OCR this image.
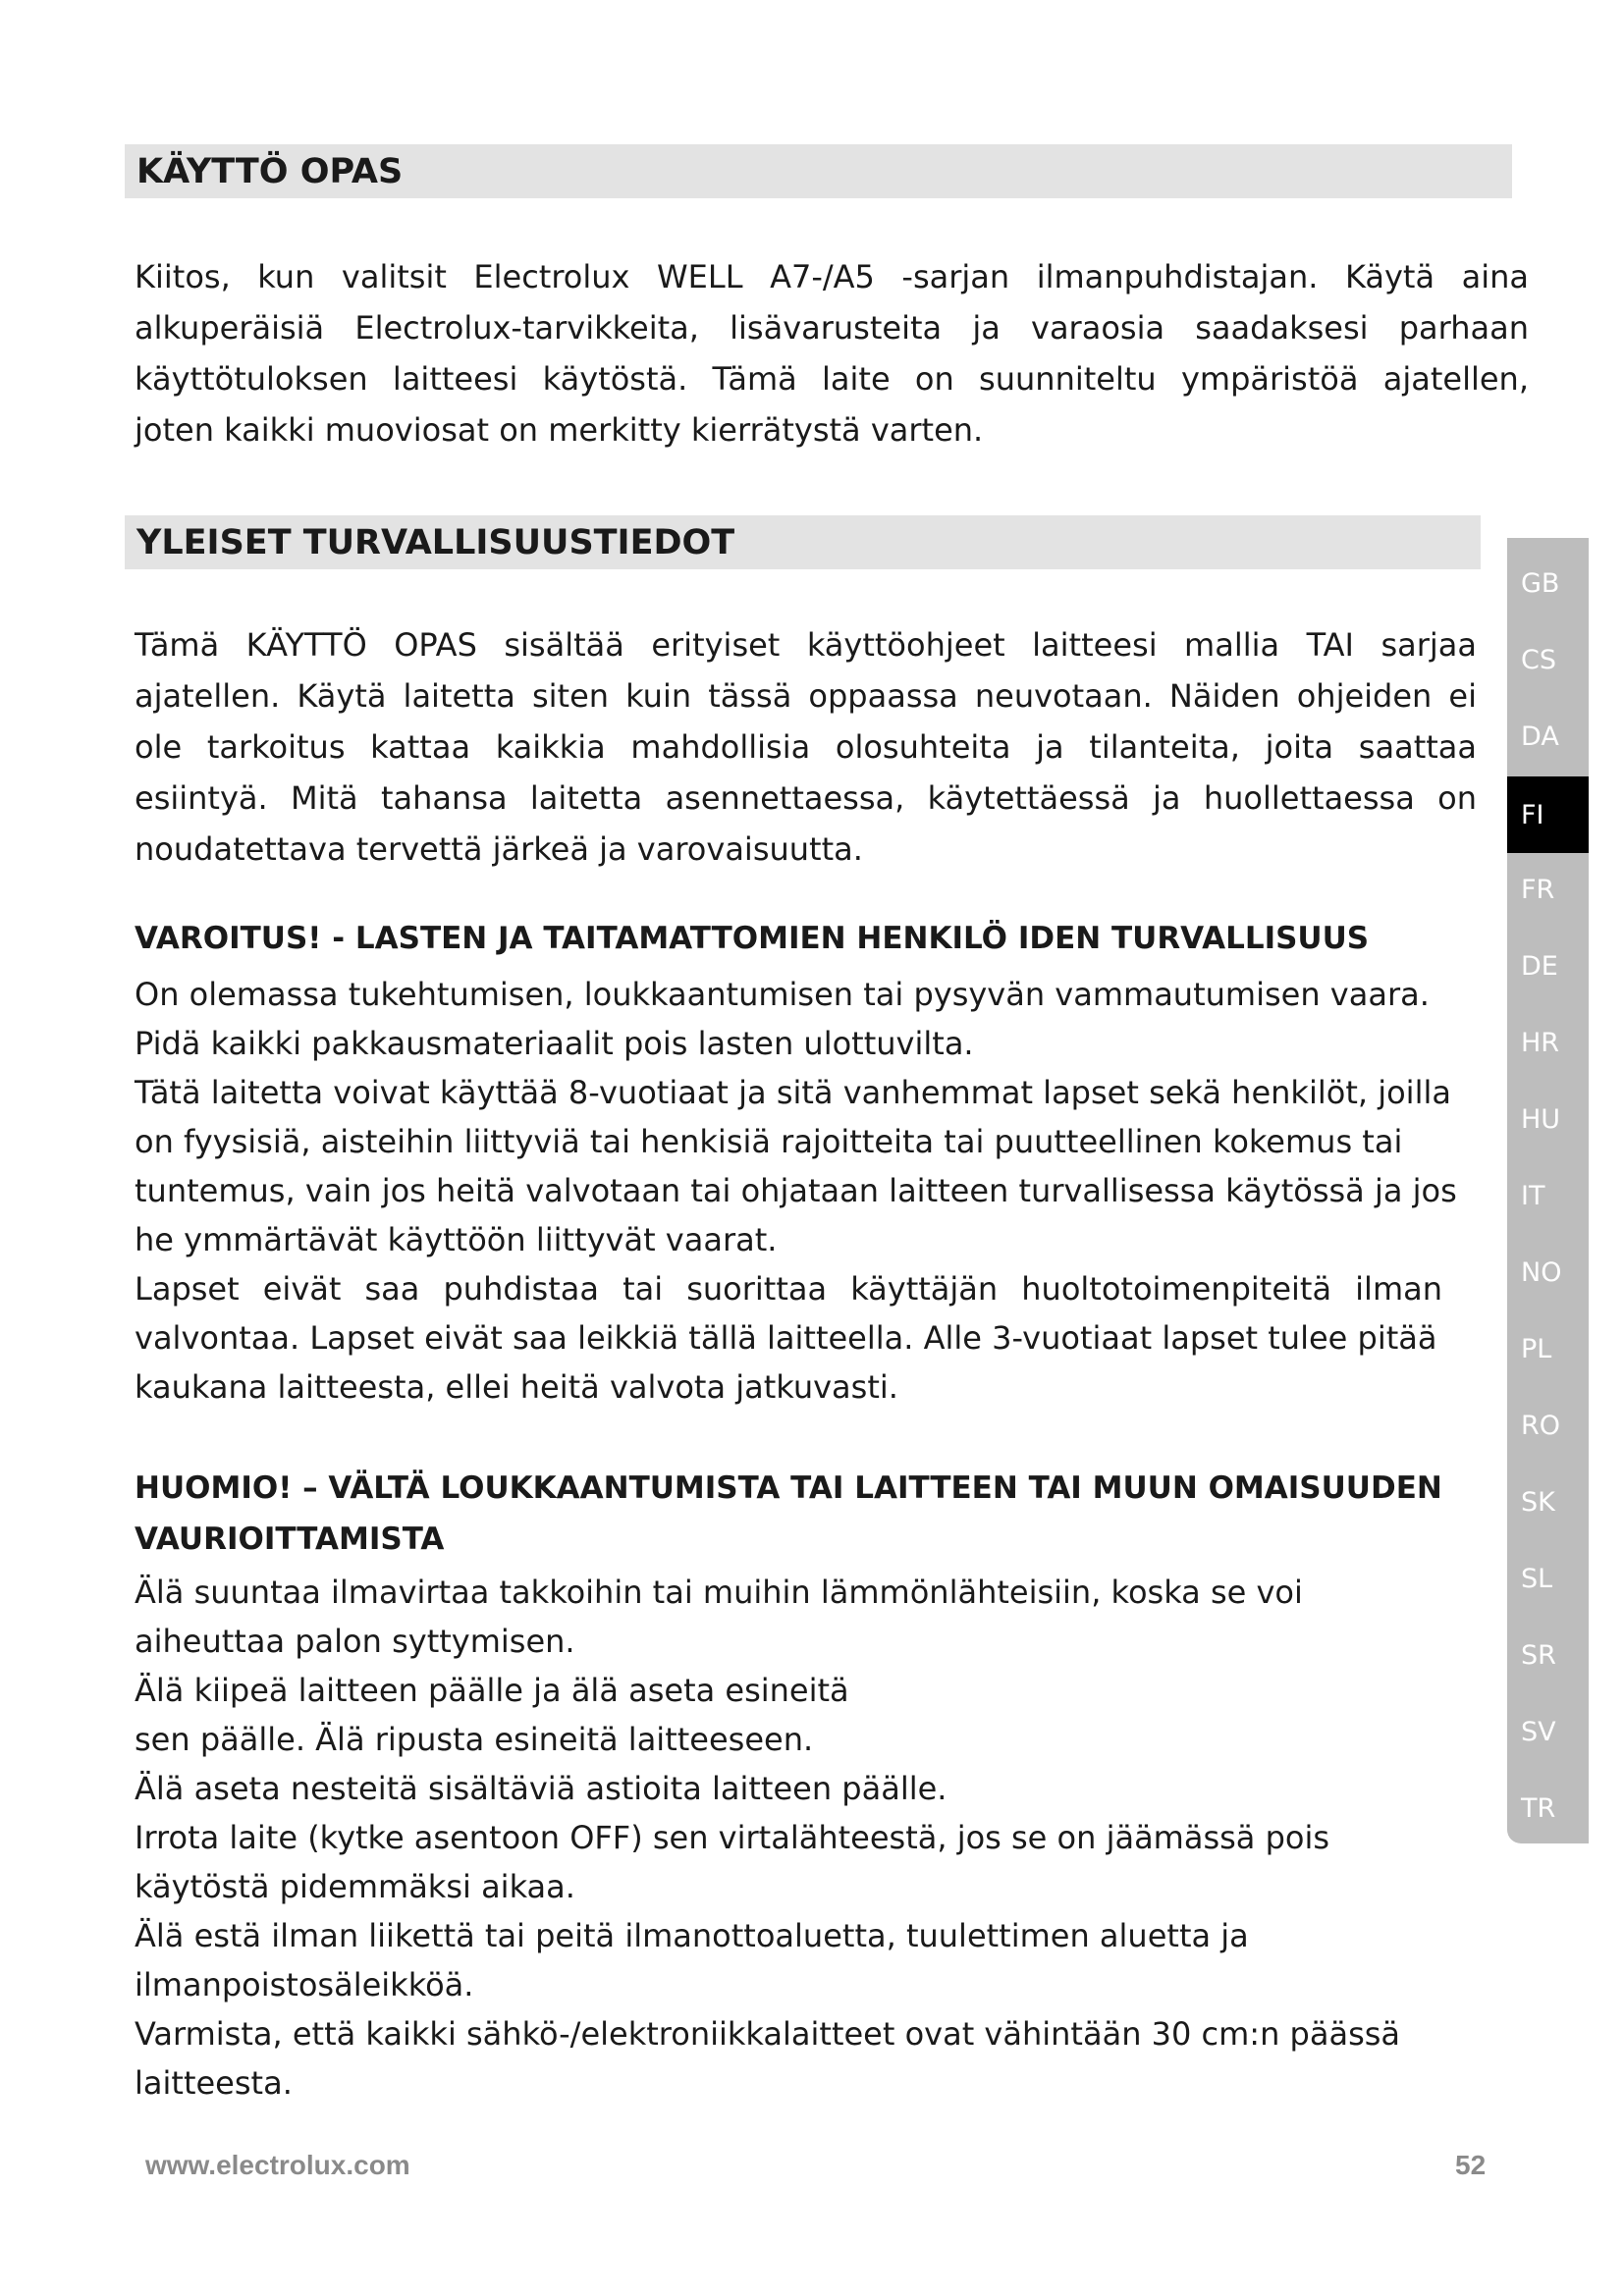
KÄYTTÖ OPAS
Kiitos, kun valitsit Electrolux WELL A7-/A5 -sarjan ilmanpuhdistajan. Käytä aina
alkuperäisiä Electrolux-tarvikkeita, lisävarusteita ja varaosia saadaksesi parhaan
käyttötuloksen laitteesi käytöstä. Tämä laite on suunniteltu ympäristöä ajatellen,
joten kaikki muoviosat on merkitty kierrätystä varten.
YLEISET TURVALLISUUSTIEDOT
Tämä KÄYTTÖ OPAS sisältää erityiset käyttöohjeet laitteesi mallia TAI sarjaa
ajatellen. Käytä laitetta siten kuin tässä oppaassa neuvotaan. Näiden ohjeiden ei
ole tarkoitus kattaa kaikkia mahdollisia olosuhteita ja tilanteita, joita saattaa
esiintyä. Mitä tahansa laitetta asennettaessa, käytettäessä ja huollettaessa on
noudatettava tervettä järkeä ja varovaisuutta.
VAROITUS! - LASTEN JA TAITAMATTOMIEN HENKILÖ IDEN TURVALLISUUS
On olemassa tukehtumisen, loukkaantumisen tai pysyvän vammautumisen vaara.
Pidä kaikki pakkausmateriaalit pois lasten ulottuvilta.
Tätä laitetta voivat käyttää 8-vuotiaat ja sitä vanhemmat lapset sekä henkilöt, joilla
on fyysisiä, aisteihin liittyviä tai henkisiä rajoitteita tai puutteellinen kokemus tai
tuntemus, vain jos heitä valvotaan tai ohjataan laitteen turvallisessa käytössä ja jos
he ymmärtävät käyttöön liittyvät vaarat.
Lapset eivät saa puhdistaa tai suorittaa käyttäjän huoltotoimenpiteitä ilman
valvontaa. Lapset eivät saa leikkiä tällä laitteella. Alle 3-vuotiaat lapset tulee pitää
kaukana laitteesta, ellei heitä valvota jatkuvasti.
HUOMIO! – VÄLTÄ LOUKKAANTUMISTA TAI LAITTEEN TAI MUUN OMAISUUDEN
VAURIOITTAMISTA
Älä suuntaa ilmavirtaa takkoihin tai muihin lämmönlähteisiin, koska se voi
aiheuttaa palon syttymisen.
Älä kiipeä laitteen päälle ja älä aseta esineitä
sen päälle. Älä ripusta esineitä laitteeseen.
Älä aseta nesteitä sisältäviä astioita laitteen päälle.
Irrota laite (kytke asentoon OFF) sen virtalähteestä, jos se on jäämässä pois
käytöstä pidemmäksi aikaa.
Älä estä ilman liikettä tai peitä ilmanottoaluetta, tuulettimen aluetta ja
ilmanpoistosäleikköä.
Varmista, että kaikki sähkö-/elektroniikkalaitteet ovat vähintään 30 cm:n päässä
laitteesta.
GB
CS
DA
FI
FR
DE
HR
HU
IT
NO
PL
RO
SK
SL
SR
SV
TR
www.electrolux.com	52
